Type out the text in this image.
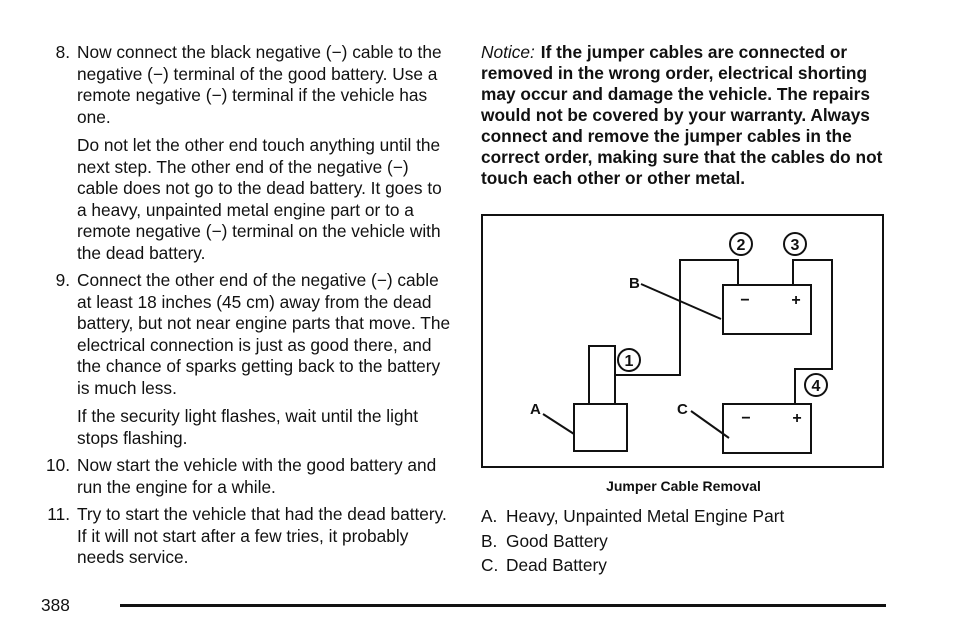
8. Now connect the black negative (−) cable to the negative (−) terminal of the good battery. Use a remote negative (−) terminal if the vehicle has one.

Do not let the other end touch anything until the next step. The other end of the negative (−) cable does not go to the dead battery. It goes to a heavy, unpainted metal engine part or to a remote negative (−) terminal on the vehicle with the dead battery.

9. Connect the other end of the negative (−) cable at least 18 inches (45 cm) away from the dead battery, but not near engine parts that move. The electrical connection is just as good there, and the chance of sparks getting back to the battery is much less.

If the security light flashes, wait until the light stops flashing.

10. Now start the vehicle with the good battery and run the engine for a while.

11. Try to start the vehicle that had the dead battery. If it will not start after a few tries, it probably needs service.

Notice: If the jumper cables are connected or removed in the wrong order, electrical shorting may occur and damage the vehicle. The repairs would not be covered by your warranty. Always connect and remove the jumper cables in the correct order, making sure that the cables do not touch each other or other metal.
2	3
1
4
−	+
−	+
B
A	C
Jumper Cable Removal
A. Heavy, Unpainted Metal Engine Part
B. Good Battery
C. Dead Battery
388
